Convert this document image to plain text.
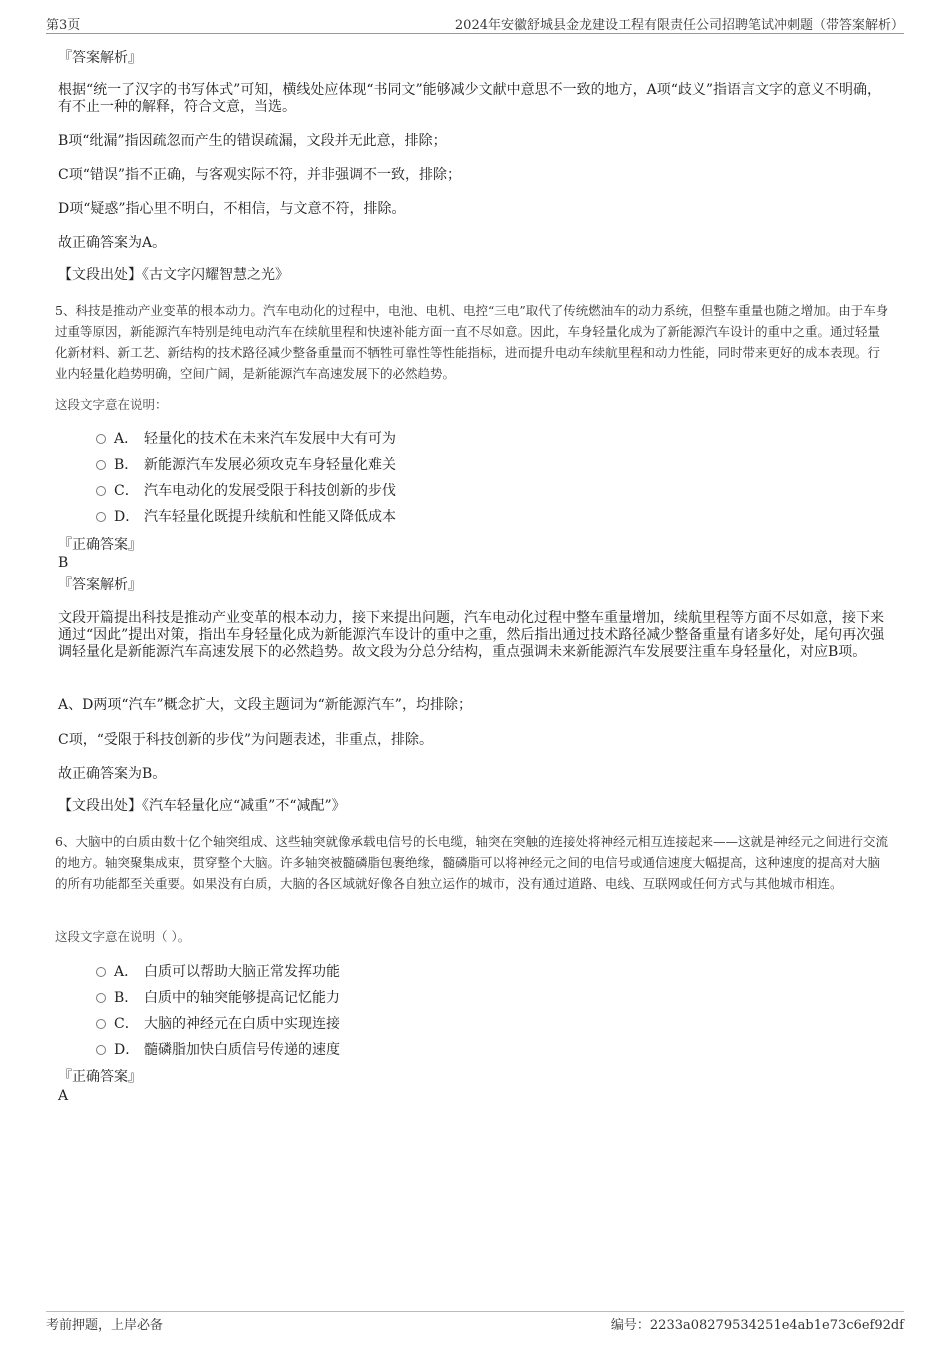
第3页	2024年安徽舒城县金龙建设工程有限责任公司招聘笔试冲刺题（带答案解析）
『答案解析』
根据“统一了汉字的书写体式”可知，横线处应体现“书同文”能够减少文献中意思不一致的地方，A项“歧义”指语言文字的意义不明确，有不止一种的解释，符合文意，当选。
B项“纰漏”指因疏忽而产生的错误疏漏，文段并无此意，排除；
C项“错误”指不正确，与客观实际不符，并非强调不一致，排除；
D项“疑惑”指心里不明白，不相信，与文意不符，排除。
故正确答案为A。
【文段出处】《古文字闪耀智慧之光》
5、科技是推动产业变革的根本动力。汽车电动化的过程中，电池、电机、电控“三电”取代了传统燃油车的动力系统，但整车重量也随之增加。由于车身过重等原因，新能源汽车特别是纯电动汽车在续航里程和快速补能方面一直不尽如意。因此，车身轻量化成为了新能源汽车设计的重中之重。通过轻量化新材料、新工艺、新结构的技术路径减少整备重量而不牺牲可靠性等性能指标，进而提升电动车续航里程和动力性能，同时带来更好的成本表现。行业内轻量化趋势明确，空间广阔，是新能源汽车高速发展下的必然趋势。
这段文字意在说明：
A． 轻量化的技术在未来汽车发展中大有可为
B． 新能源汽车发展必须攻克车身轻量化难关
C． 汽车电动化的发展受限于科技创新的步伐
D． 汽车轻量化既提升续航和性能又降低成本
『正确答案』
B
『答案解析』
文段开篇提出科技是推动产业变革的根本动力，接下来提出问题，汽车电动化过程中整车重量增加，续航里程等方面不尽如意，接下来通过“因此”提出对策，指出车身轻量化成为新能源汽车设计的重中之重，然后指出通过技术路径减少整备重量有诸多好处，尾句再次强调轻量化是新能源汽车高速发展下的必然趋势。故文段为分总分结构，重点强调未来新能源汽车发展要注重车身轻量化，对应B项。
A、D两项“汽车”概念扩大，文段主题词为“新能源汽车”，均排除；
C项，“受限于科技创新的步伐”为问题表述，非重点，排除。
故正确答案为B。
【文段出处】《汽车轻量化应“减重”不“减配”》
6、大脑中的白质由数十亿个轴突组成、这些轴突就像承载电信号的长电缆，轴突在突触的连接处将神经元相互连接起来——这就是神经元之间进行交流的地方。轴突聚集成束，贯穿整个大脑。许多轴突被髓磷脂包裹绝缘，髓磷脂可以将神经元之间的电信号或通信速度大幅提高，这种速度的提高对大脑的所有功能都至关重要。如果没有白质，大脑的各区域就好像各自独立运作的城市，没有通过道路、电线、互联网或任何方式与其他城市相连。
这段文字意在说明（ ）。
A． 白质可以帮助大脑正常发挥功能
B． 白质中的轴突能够提高记忆能力
C． 大脑的神经元在白质中实现连接
D． 髓磷脂加快白质信号传递的速度
『正确答案』
A
考前押题，上岸必备	编号：2233a08279534251e4ab1e73c6ef92df
